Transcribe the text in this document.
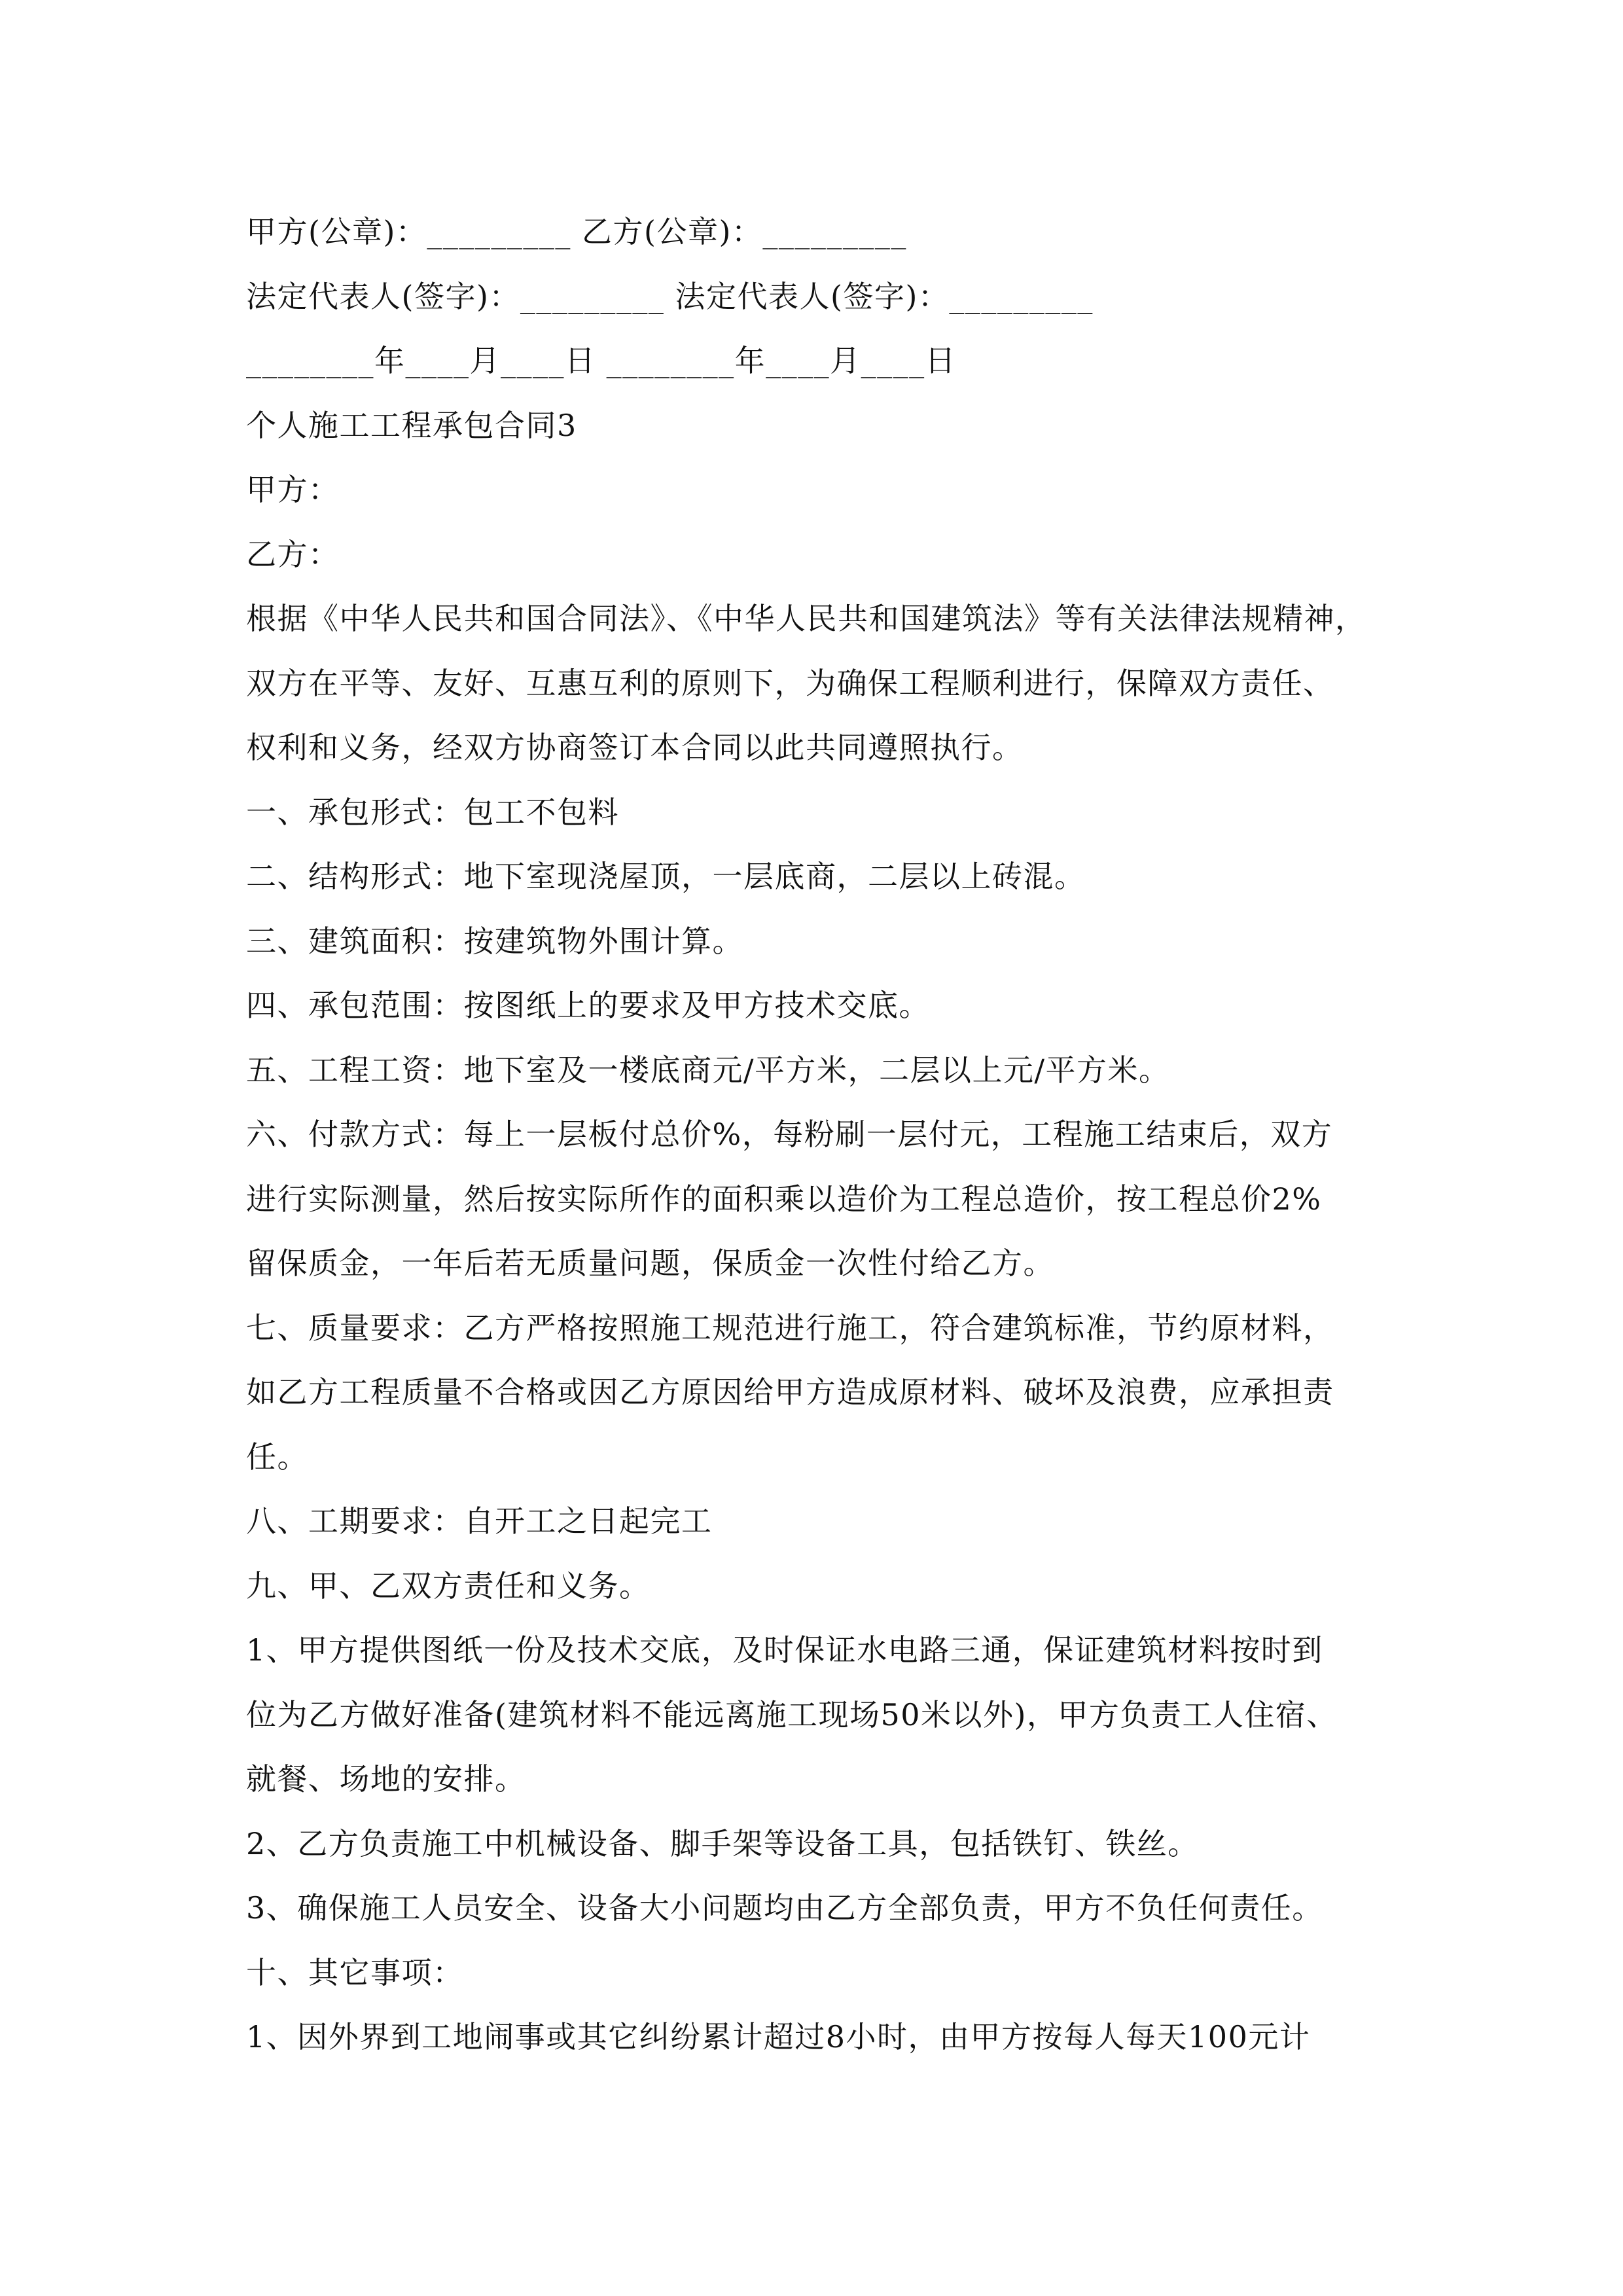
甲方(公章)：_________ 乙方(公章)：_________
法定代表人(签字)：_________ 法定代表人(签字)：_________
________年____月____日 ________年____月____日
个人施工工程承包合同3
甲方：
乙方：
根据《中华人民共和国合同法》、《中华人民共和国建筑法》等有关法律法规精神，
双方在平等、友好、互惠互利的原则下，为确保工程顺利进行，保障双方责任、
权利和义务，经双方协商签订本合同以此共同遵照执行。
一、承包形式：包工不包料
二、结构形式：地下室现浇屋顶，一层底商，二层以上砖混。
三、建筑面积：按建筑物外围计算。
四、承包范围：按图纸上的要求及甲方技术交底。
五、工程工资：地下室及一楼底商元/平方米，二层以上元/平方米。
六、付款方式：每上一层板付总价%，每粉刷一层付元，工程施工结束后，双方
进行实际测量，然后按实际所作的面积乘以造价为工程总造价，按工程总价2%
留保质金，一年后若无质量问题，保质金一次性付给乙方。
七、质量要求：乙方严格按照施工规范进行施工，符合建筑标准，节约原材料，
如乙方工程质量不合格或因乙方原因给甲方造成原材料、破坏及浪费，应承担责
任。
八、工期要求：自开工之日起完工
九、甲、乙双方责任和义务。
1、甲方提供图纸一份及技术交底，及时保证水电路三通，保证建筑材料按时到
位为乙方做好准备(建筑材料不能远离施工现场50米以外)，甲方负责工人住宿、
就餐、场地的安排。
2、乙方负责施工中机械设备、脚手架等设备工具，包括铁钉、铁丝。
3、确保施工人员安全、设备大小问题均由乙方全部负责，甲方不负任何责任。
十、其它事项：
1、因外界到工地闹事或其它纠纷累计超过8小时，由甲方按每人每天100元计
